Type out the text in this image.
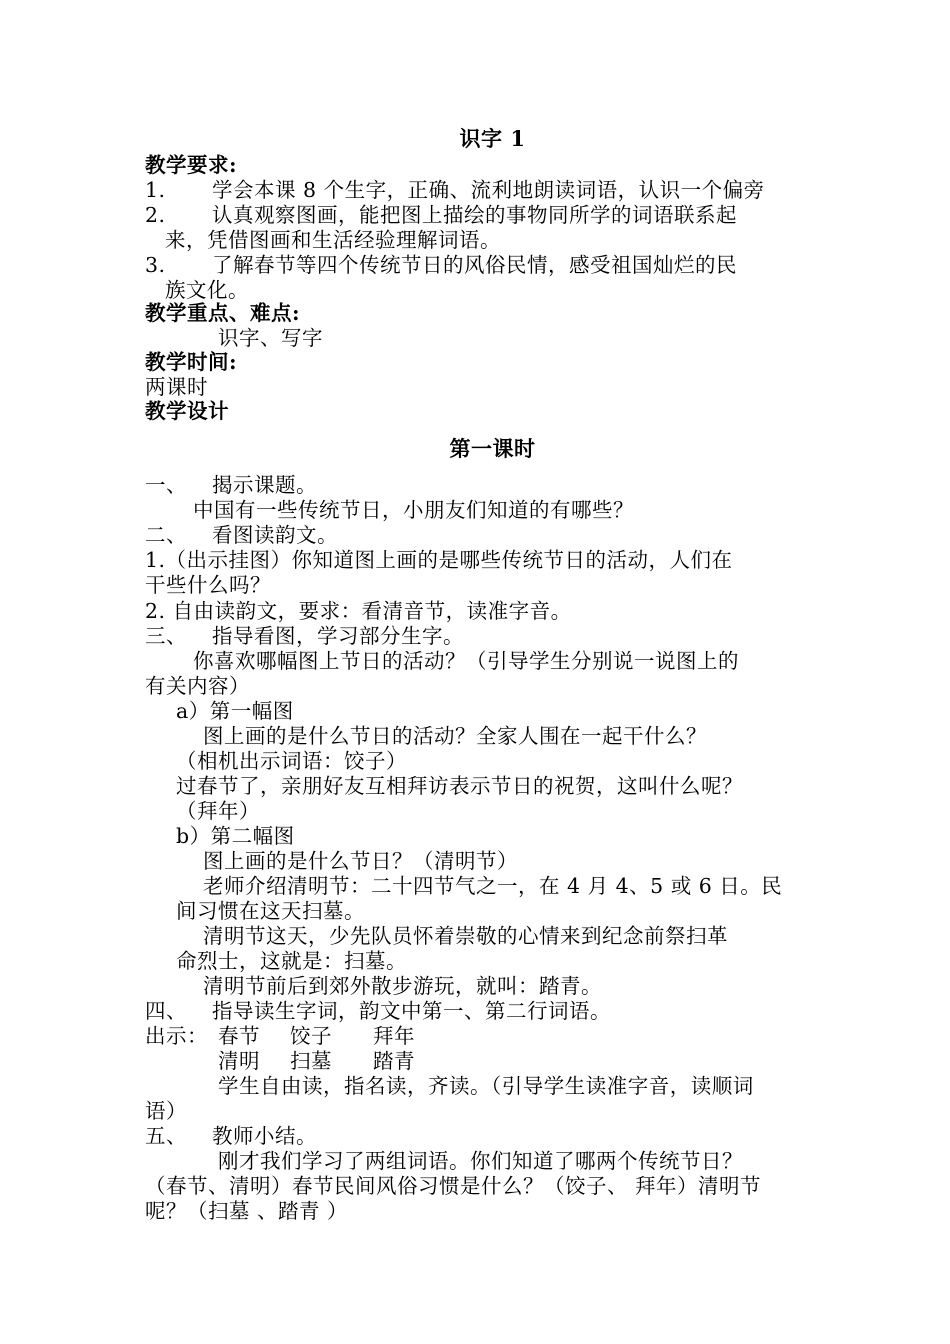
识字 1
教学要求:
1. 学会本课 8 个生字，正确、流利地朗读词语，认识一个偏旁
2. 认真观察图画，能把图上描绘的事物同所学的词语联系起
来，凭借图画和生活经验理解词语。
3. 了解春节等四个传统节日的风俗民情，感受祖国灿烂的民
族文化。
教学重点、难点:
识字、写字
教学时间:
两课时
教学设计
第一课时
一、 揭示课题。
中国有一些传统节日，小朋友们知道的有哪些？
二、 看图读韵文。
1.（出示挂图）你知道图上画的是哪些传统节日的活动，人们在
干些什么吗？
2. 自由读韵文，要求：看清音节，读准字音。
三、 指导看图，学习部分生字。
你喜欢哪幅图上节日的活动？（引导学生分别说一说图上的
有关内容）
a）第一幅图
图上画的是什么节日的活动？全家人围在一起干什么？
（相机出示词语：饺子）
过春节了，亲朋好友互相拜访表示节日的祝贺，这叫什么呢？
（拜年）
b）第二幅图
图上画的是什么节日？（清明节）
老师介绍清明节：二十四节气之一，在 4 月 4、5 或 6 日。民
间习惯在这天扫墓。
清明节这天，少先队员怀着崇敬的心情来到纪念前祭扫革
命烈士，这就是：扫墓。
清明节前后到郊外散步游玩，就叫：踏青。
四、 指导读生字词，韵文中第一、第二行词语。
出示： 春节 饺子 拜年
清明 扫墓 踏青
学生自由读，指名读，齐读。（引导学生读准字音，读顺词
语）
五、 教师小结。
刚才我们学习了两组词语。你们知道了哪两个传统节日？
（春节、清明）春节民间风俗习惯是什么？（饺子、 拜年）清明节
呢？（扫墓 、踏青 ）
